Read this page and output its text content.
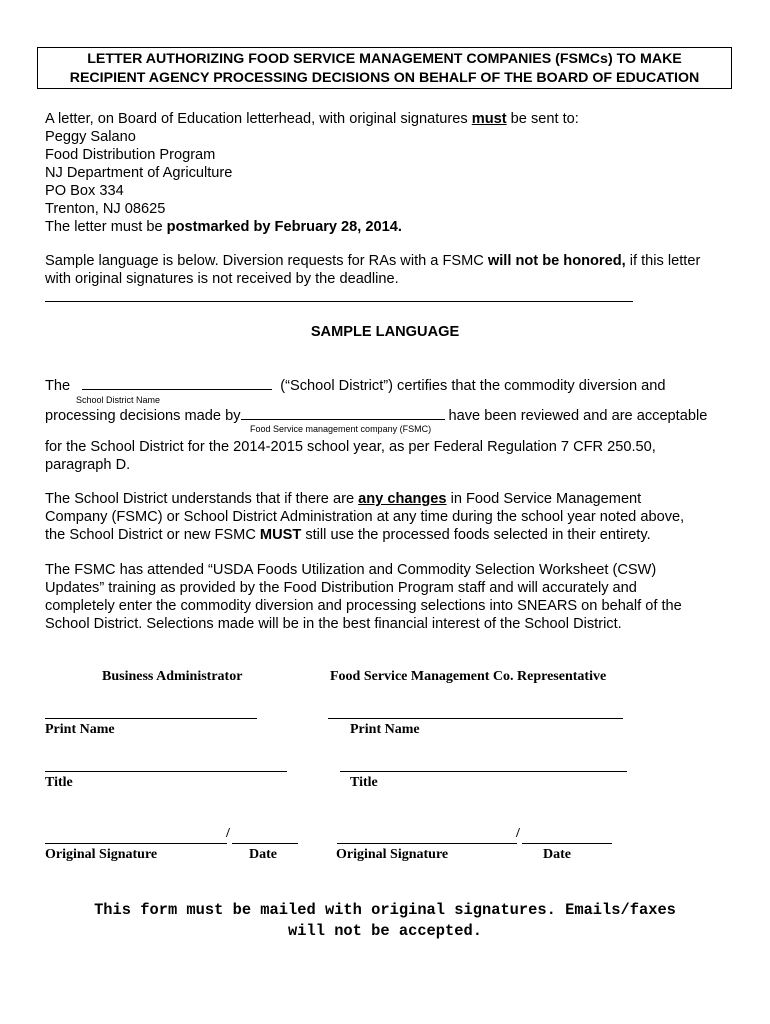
LETTER AUTHORIZING FOOD SERVICE MANAGEMENT COMPANIES (FSMCs) TO MAKE
RECIPIENT AGENCY PROCESSING DECISIONS ON BEHALF OF THE BOARD OF EDUCATION
A letter, on Board of Education letterhead, with original signatures must be sent to:
Peggy Salano
Food Distribution Program
NJ Department of Agriculture
PO Box 334
Trenton, NJ 08625
The letter must be postmarked by February 28, 2014.
Sample language is below. Diversion requests for RAs with a FSMC will not be honored, if this letter
with original signatures is not received by the deadline.
SAMPLE LANGUAGE
The	(“School District”) certifies that the commodity diversion and
School District Name
processing decisions made by	have been reviewed and are acceptable
Food Service management company (FSMC)
for the School District for the 2014-2015 school year, as per Federal Regulation 7 CFR 250.50,
paragraph D.
The School District understands that if there are any changes in Food Service Management
Company (FSMC) or School District Administration at any time during the school year noted above,
the School District or new FSMC MUST still use the processed foods selected in their entirety.
The FSMC has attended “USDA Foods Utilization and Commodity Selection Worksheet (CSW)
Updates” training as provided by the Food Distribution Program staff and will accurately and
completely enter the commodity diversion and processing selections into SNEARS on behalf of the
School District. Selections made will be in the best financial interest of the School District.
Business Administrator	Food Service Management Co. Representative
Print Name	Print Name
Title	Title
/	/
Original Signature	Date	Original Signature	Date
This form must be mailed with original signatures. Emails/faxes
will not be accepted.
